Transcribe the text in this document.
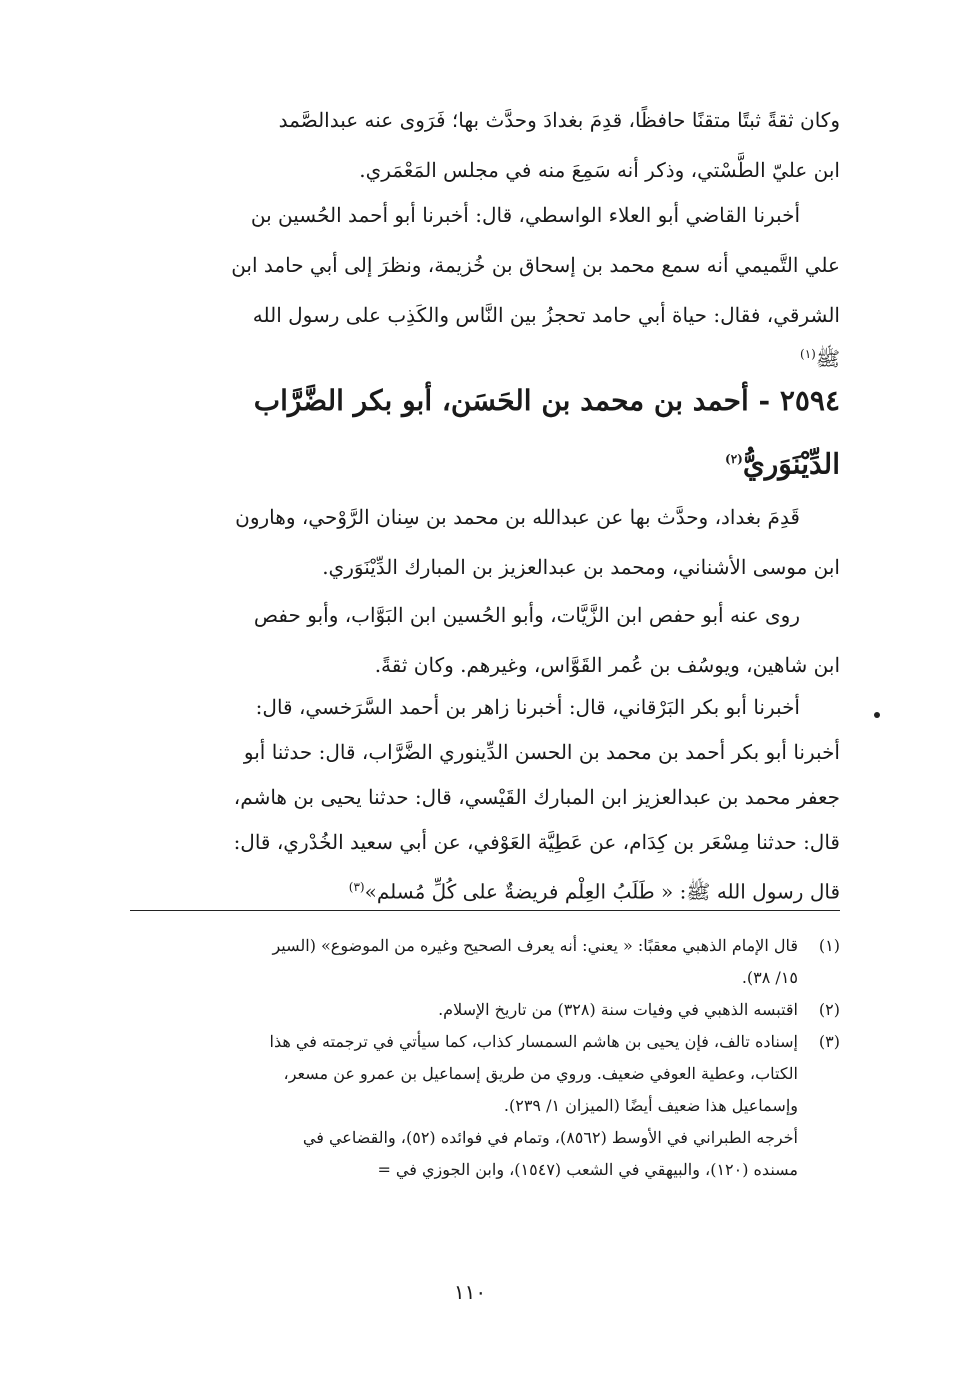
وكان ثقةً ثبتًا متقنًا حافظًا، قدِمَ بغدادَ وحدَّث بها؛ فَرَوى عنه عبدالصَّمد
ابن عليّ الطَّسْتي، وذكر أنه سَمِعَ منه في مجلس المَعْمَري.

أخبرنا القاضي أبو العلاء الواسطي، قال: أخبرنا أبو أحمد الحُسين بن
علي التَّميمي أنه سمع محمد بن إسحاق بن خُزيمة، ونظرَ إلى أبي حامد ابن
الشرقي، فقال: حياة أبي حامد تحجزُ بين النَّاس والكَذِب على رسول الله
ﷺ$^{(١)}$

٢٥٩٤ - أحمد بن محمد بن الحَسَن، أبو بكر الضَّرَّاب
الدِّيْنَوَريُّ$^{(٢)}$

قَدِمَ بغداد، وحدَّث بها عن عبدالله بن محمد بن سِنان الرَّوْحي، وهارون
ابن موسى الأشناني، ومحمد بن عبدالعزيز بن المبارك الدِّيْنَوَري.

روى عنه أبو حفص ابن الزَّيَّات، وأبو الحُسين ابن البَوَّاب، وأبو حفص
ابن شاهين، ويوسُف بن عُمر القَوَّاس، وغيرهم. وكان ثقةً.

أخبرنا أبو بكر البَرْقاني، قال: أخبرنا زاهر بن أحمد السَّرَخسي، قال:
أخبرنا أبو بكر أحمد بن محمد بن الحسن الدِّينوري الضَّرَّاب، قال: حدثنا أبو
جعفر محمد بن عبدالعزيز ابن المبارك القَيْسي، قال: حدثنا يحيى بن هاشم،
قال: حدثنا مِسْعَر بن كِدَام، عن عَطِيَّة العَوْفي، عن أبي سعيد الخُدْري، قال:
قال رسول الله ﷺ: « طَلَبُ العِلْم فريضةٌ على كُلِّ مُسلم»$^{(٣)}$

(١)
قال الإمام الذهبي معقبًا: « يعني: أنه يعرف الصحيح وغيره من الموضوع» (السير
١٥/ ٣٨).
(٢)
اقتبسه الذهبي في وفيات سنة (٣٢٨) من تاريخ الإسلام.
(٣)
إسناده تالف، فإن يحيى بن هاشم السمسار كذاب، كما سيأتي في ترجمته في هذا
الكتاب، وعطية العوفي ضعيف. وروي من طريق إسماعيل بن عمرو عن مسعر،
وإسماعيل هذا ضعيف أيضًا (الميزان ١/ ٢٣٩).
أخرجه الطبراني في الأوسط (٨٥٦٢)، وتمام في فوائده (٥٢)، والقضاعي في
مسنده (١٢٠)، والبيهقي في الشعب (١٥٤٧)، وابن الجوزي في =
١١٠
